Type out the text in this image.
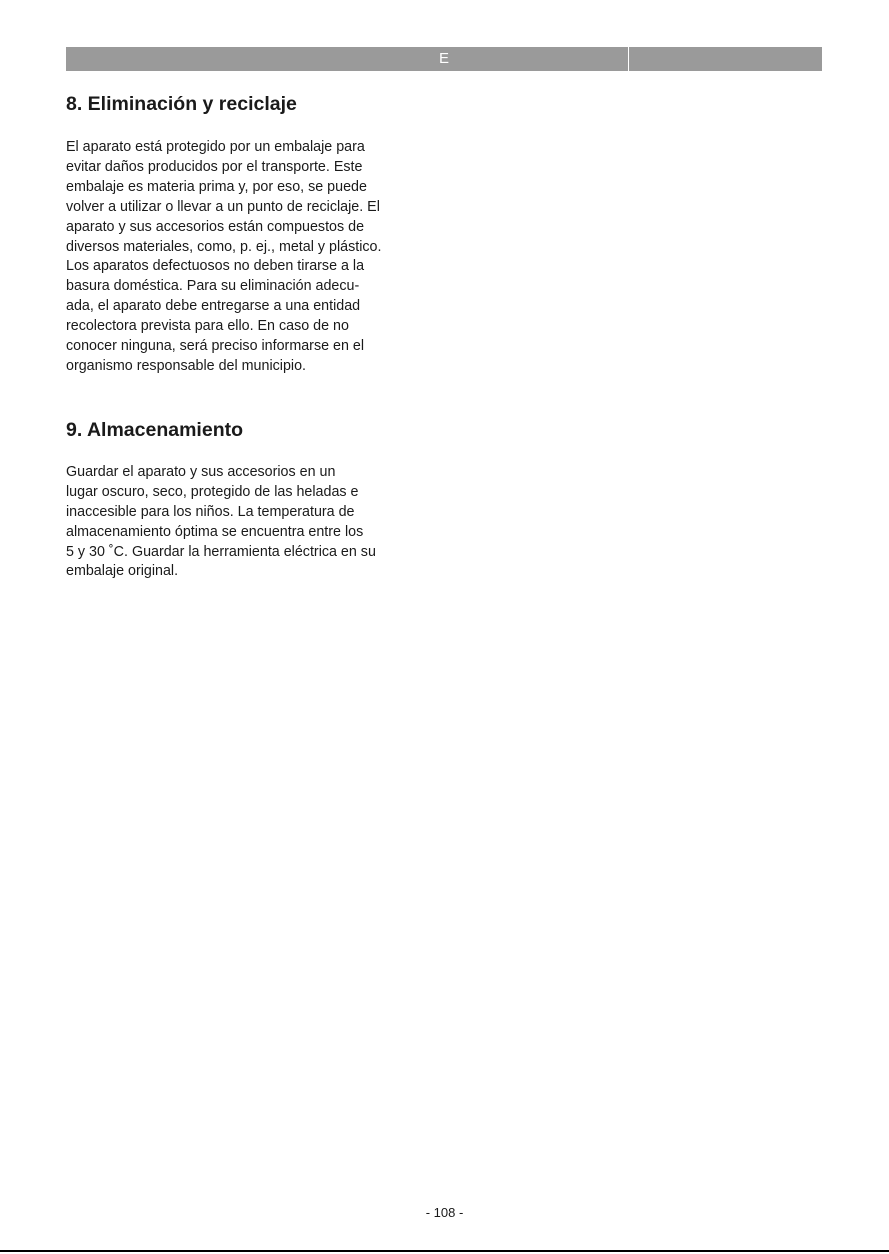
E
8. Eliminación y reciclaje
El aparato está protegido por un embalaje para
evitar daños producidos por el transporte. Este
embalaje es materia prima y, por eso, se puede
volver a utilizar o llevar a un punto de reciclaje. El
aparato y sus accesorios están compuestos de
diversos materiales, como, p. ej., metal y plástico.
Los aparatos defectuosos no deben tirarse a la
basura doméstica. Para su eliminación adecu-
ada, el aparato debe entregarse a una entidad
recolectora prevista para ello. En caso de no
conocer ninguna, será preciso informarse en el
organismo responsable del municipio.
9. Almacenamiento
Guardar el aparato y sus accesorios en un
lugar oscuro, seco, protegido de las heladas e
inaccesible para los niños. La temperatura de
almacenamiento óptima se encuentra entre los
5 y 30 ˚C. Guardar la herramienta eléctrica en su
embalaje original.
- 108 -
